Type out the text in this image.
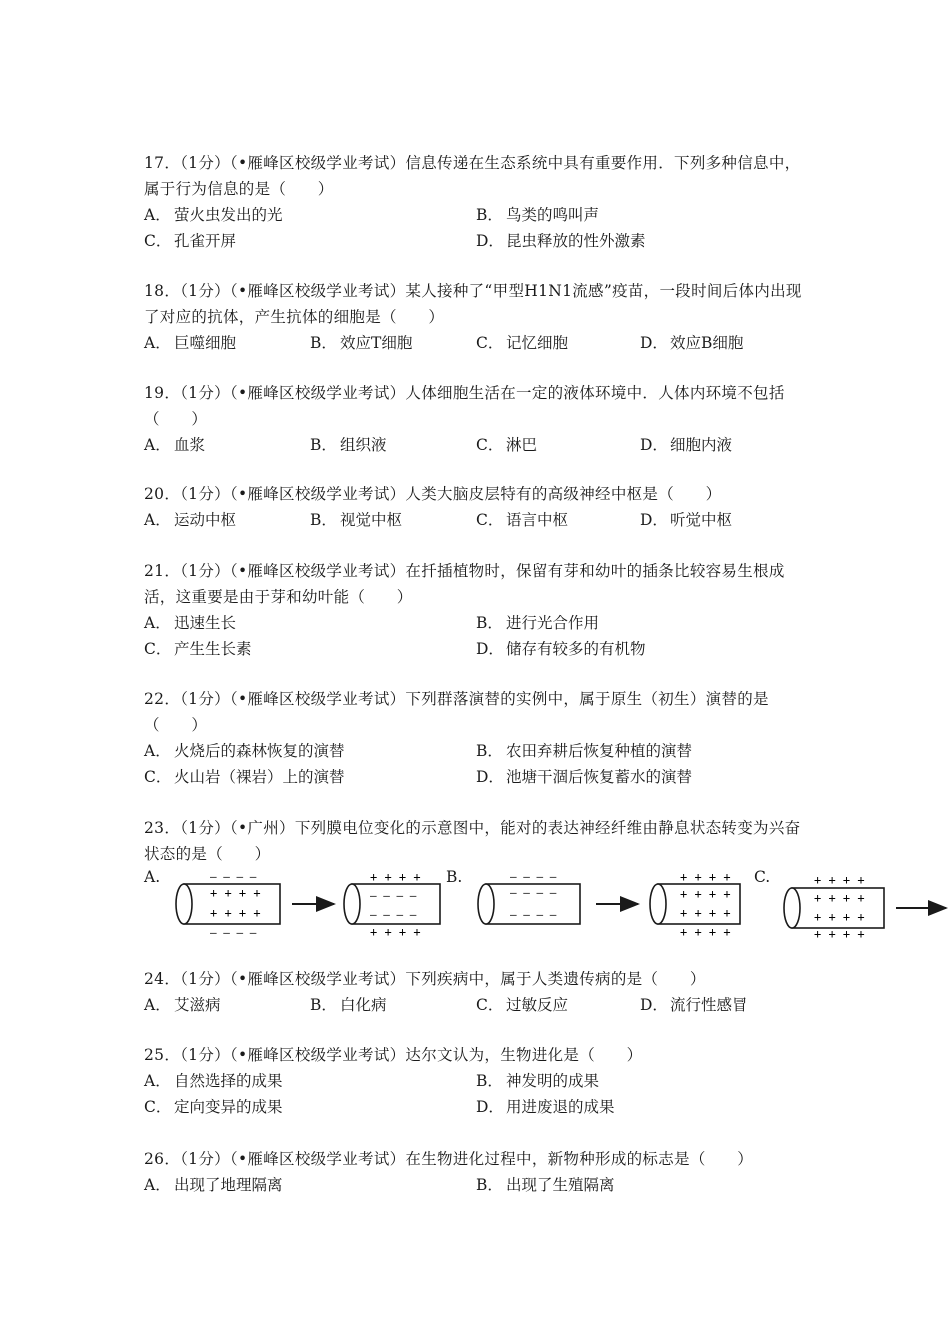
17．（1分）（•雁峰区校级学业考试）信息传递在生态系统中具有重要作用．下列多种信息中，属于行为信息的是（　　）
A． 萤火虫发出的光	B． 鸟类的鸣叫声
C． 孔雀开屏	D． 昆虫释放的性外激素
18．（1分）（•雁峰区校级学业考试）某人接种了“甲型H1N1流感”疫苗，一段时间后体内出现了对应的抗体，产生抗体的细胞是（　　）
A． 巨噬细胞	B． 效应T细胞	C． 记忆细胞	D． 效应B细胞
19．（1分）（•雁峰区校级学业考试）人体细胞生活在一定的液体环境中．人体内环境不包括（　　）
A． 血浆	B． 组织液	C． 淋巴	D． 细胞内液
20．（1分）（•雁峰区校级学业考试）人类大脑皮层特有的高级神经中枢是（　　）
A． 运动中枢	B． 视觉中枢	C． 语言中枢	D． 听觉中枢
21．（1分）（•雁峰区校级学业考试）在扦插植物时，保留有芽和幼叶的插条比较容易生根成活，这重要是由于芽和幼叶能（　　）
A． 迅速生长	B． 进行光合作用
C． 产生生长素	D． 储存有较多的有机物
22．（1分）（•雁峰区校级学业考试）下列群落演替的实例中，属于原生（初生）演替的是（　　）
A． 火烧后的森林恢复的演替	B． 农田弃耕后恢复种植的演替
C． 火山岩（裸岩）上的演替	D． 池塘干涸后恢复蓄水的演替
23．（1分）（•广州）下列膜电位变化的示意图中，能对的表达神经纤维由静息状态转变为兴奋状态的是（　　）
A.	B.	C.
— — — —
+ + + +
+ + + +
— — — —
+ + + +
— — — —
— — — —
+ + + +
— — — —
— — — —
— — — —
+ + + +
+ + + +
+ + + +
+ + + +
+ + + +
+ + + +
+ + + +
+ + + +
24．（1分）（•雁峰区校级学业考试）下列疾病中，属于人类遗传病的是（　　）
A． 艾滋病	B． 白化病	C． 过敏反应	D． 流行性感冒
25．（1分）（•雁峰区校级学业考试）达尔文认为，生物进化是（　　）
A． 自然选择的成果	B． 神发明的成果
C． 定向变异的成果	D． 用进废退的成果
26．（1分）（•雁峰区校级学业考试）在生物进化过程中，新物种形成的标志是（　　）
A． 出现了地理隔离	B． 出现了生殖隔离
